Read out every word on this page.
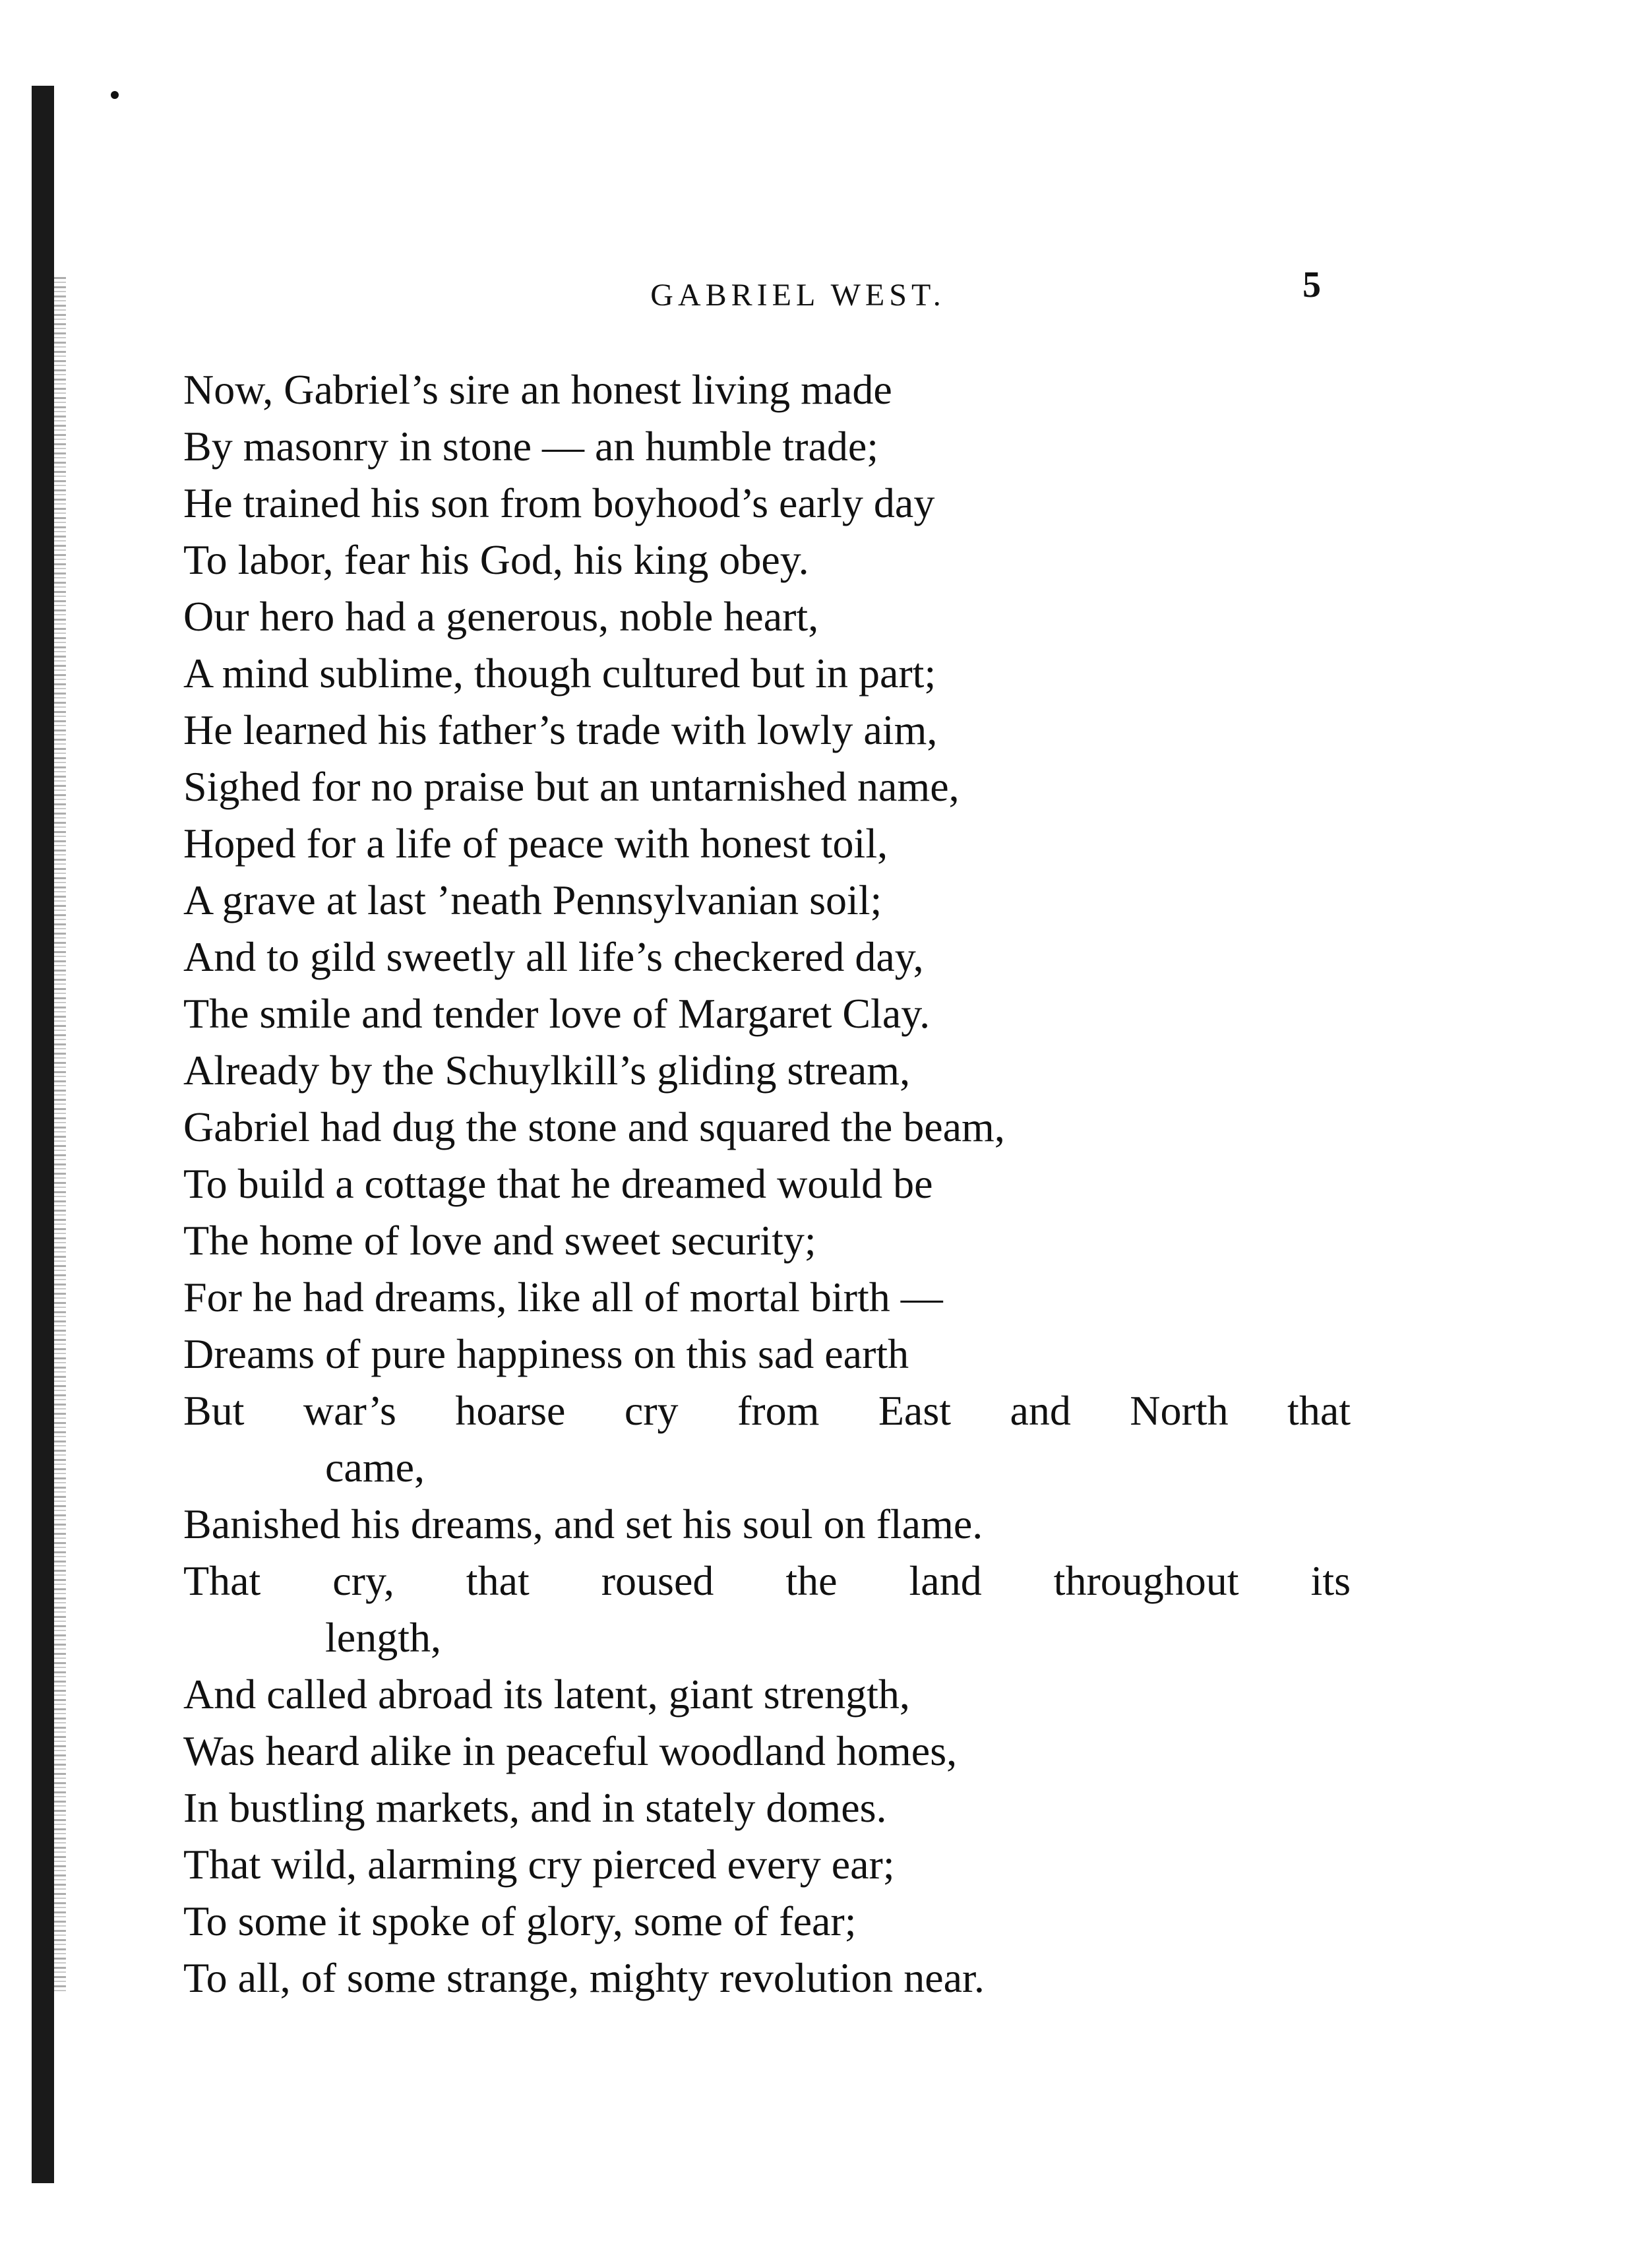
GABRIEL WEST.	5
Now, Gabriel’s sire an honest living made
By masonry in stone — an humble trade;
He trained his son from boyhood’s early day
To labor, fear his God, his king obey.
Our hero had a generous, noble heart,
A mind sublime, though cultured but in part;
He learned his father’s trade with lowly aim,
Sighed for no praise but an untarnished name,
Hoped for a life of peace with honest toil,
A grave at last ’neath Pennsylvanian soil;
And to gild sweetly all life’s checkered day,
The smile and tender love of Margaret Clay.
Already by the Schuylkill’s gliding stream,
Gabriel had dug the stone and squared the beam,
To build a cottage that he dreamed would be
The home of love and sweet security;
For he had dreams, like all of mortal birth —
Dreams of pure happiness on this sad earth
But war’s hoarse cry from East and North that
came,
Banished his dreams, and set his soul on flame.
That cry, that roused the land throughout its
length,
And called abroad its latent, giant strength,
Was heard alike in peaceful woodland homes,
In bustling markets, and in stately domes.
That wild, alarming cry pierced every ear;
To some it spoke of glory, some of fear;
To all, of some strange, mighty revolution near.
